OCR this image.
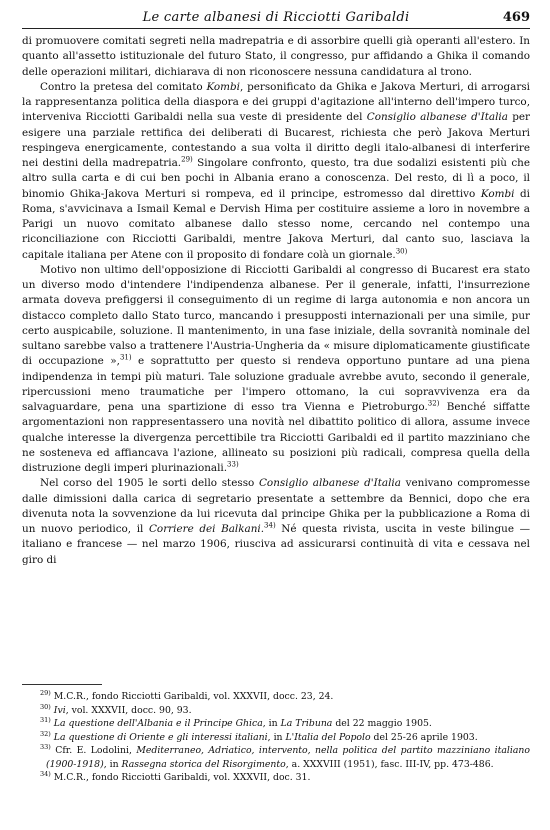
Le carte albanesi di Ricciotti Garibaldi	469

di promuovere comitati segreti nella madrepatria e di assorbire quelli già operanti all'estero. In quanto all'assetto istituzionale del futuro Stato, il congresso, pur affidando a Ghika il comando delle operazioni militari, dichiarava di non riconoscere nessuna candidatura al trono.

Contro la pretesa del comitato Kombi, personificato da Ghika e Jakova Merturi, di arrogarsi la rappresentanza politica della diaspora e dei gruppi d'agitazione all'interno dell'impero turco, interveniva Ricciotti Garibaldi nella sua veste di presidente del Consiglio albanese d'Italia per esigere una parziale rettifica dei deliberati di Bucarest, richiesta che però Jakova Merturi respingeva energicamente, contestando a sua volta il diritto degli italo-albanesi di interferire nei destini della madrepatria.$^{29)}$ Singolare confronto, questo, tra due sodalizi esistenti più che altro sulla carta e di cui ben pochi in Albania erano a conoscenza. Del resto, di lì a poco, il binomio Ghika-Jakova Merturi si rompeva, ed il principe, estromesso dal direttivo Kombi di Roma, s'avvicinava a Ismail Kemal e Dervish Hima per costituire assieme a loro in novembre a Parigi un nuovo comitato albanese dallo stesso nome, cercando nel contempo una riconciliazione con Ricciotti Garibaldi, mentre Jakova Merturi, dal canto suo, lasciava la capitale italiana per Atene con il proposito di fondare colà un giornale.$^{30)}$

Motivo non ultimo dell'opposizione di Ricciotti Garibaldi al congresso di Bucarest era stato un diverso modo d'intendere l'indipendenza albanese. Per il generale, infatti, l'insurrezione armata doveva prefiggersi il conseguimento di un regime di larga autonomia e non ancora un distacco completo dallo Stato turco, mancando i presupposti internazionali per una simile, pur certo auspicabile, soluzione. Il mantenimento, in una fase iniziale, della sovranità nominale del sultano sarebbe valso a trattenere l'Austria-Ungheria da « misure diplomaticamente giustificate di occupazione »,$^{31)}$ e soprattutto per questo si rendeva opportuno puntare ad una piena indipendenza in tempi più maturi. Tale soluzione graduale avrebbe avuto, secondo il generale, ripercussioni meno traumatiche per l'impero ottomano, la cui sopravvivenza era da salvaguardare, pena una spartizione di esso tra Vienna e Pietroburgo.$^{32)}$ Benché siffatte argomentazioni non rappresentassero una novità nel dibattito politico di allora, assume invece qualche interesse la divergenza percettibile tra Ricciotti Garibaldi ed il partito mazziniano che ne sosteneva ed affiancava l'azione, allineato su posizioni più radicali, compresa quella della distruzione degli imperi plurinazionali.$^{33)}$

Nel corso del 1905 le sorti dello stesso Consiglio albanese d'Italia venivano compromesse dalle dimissioni dalla carica di segretario presentate a settembre da Bennici, dopo che era divenuta nota la sovvenzione da lui ricevuta dal principe Ghika per la pubblicazione a Roma di un nuovo periodico, il Corriere dei Balkani.$^{34)}$ Né questa rivista, uscita in veste bilingue — italiano e francese — nel marzo 1906, riusciva ad assicurarsi continuità di vita e cessava nel giro di

$^{29)}$ M.C.R., fondo Ricciotti Garibaldi, vol. XXXVII, docc. 23, 24.

$^{30)}$ Ivi, vol. XXXVII, docc. 90, 93.

$^{31)}$ La questione dell'Albania e il Principe Ghica, in La Tribuna del 22 maggio 1905.

$^{32)}$ La questione di Oriente e gli interessi italiani, in L'Italia del Popolo del 25-26 aprile 1903.

$^{33)}$ Cfr. E. Lodolini, Mediterraneo, Adriatico, intervento, nella politica del partito mazziniano italiano (1900-1918), in Rassegna storica del Risorgimento, a. XXXVIII (1951), fasc. III-IV, pp. 473-486.

$^{34)}$ M.C.R., fondo Ricciotti Garibaldi, vol. XXXVII, doc. 31.
